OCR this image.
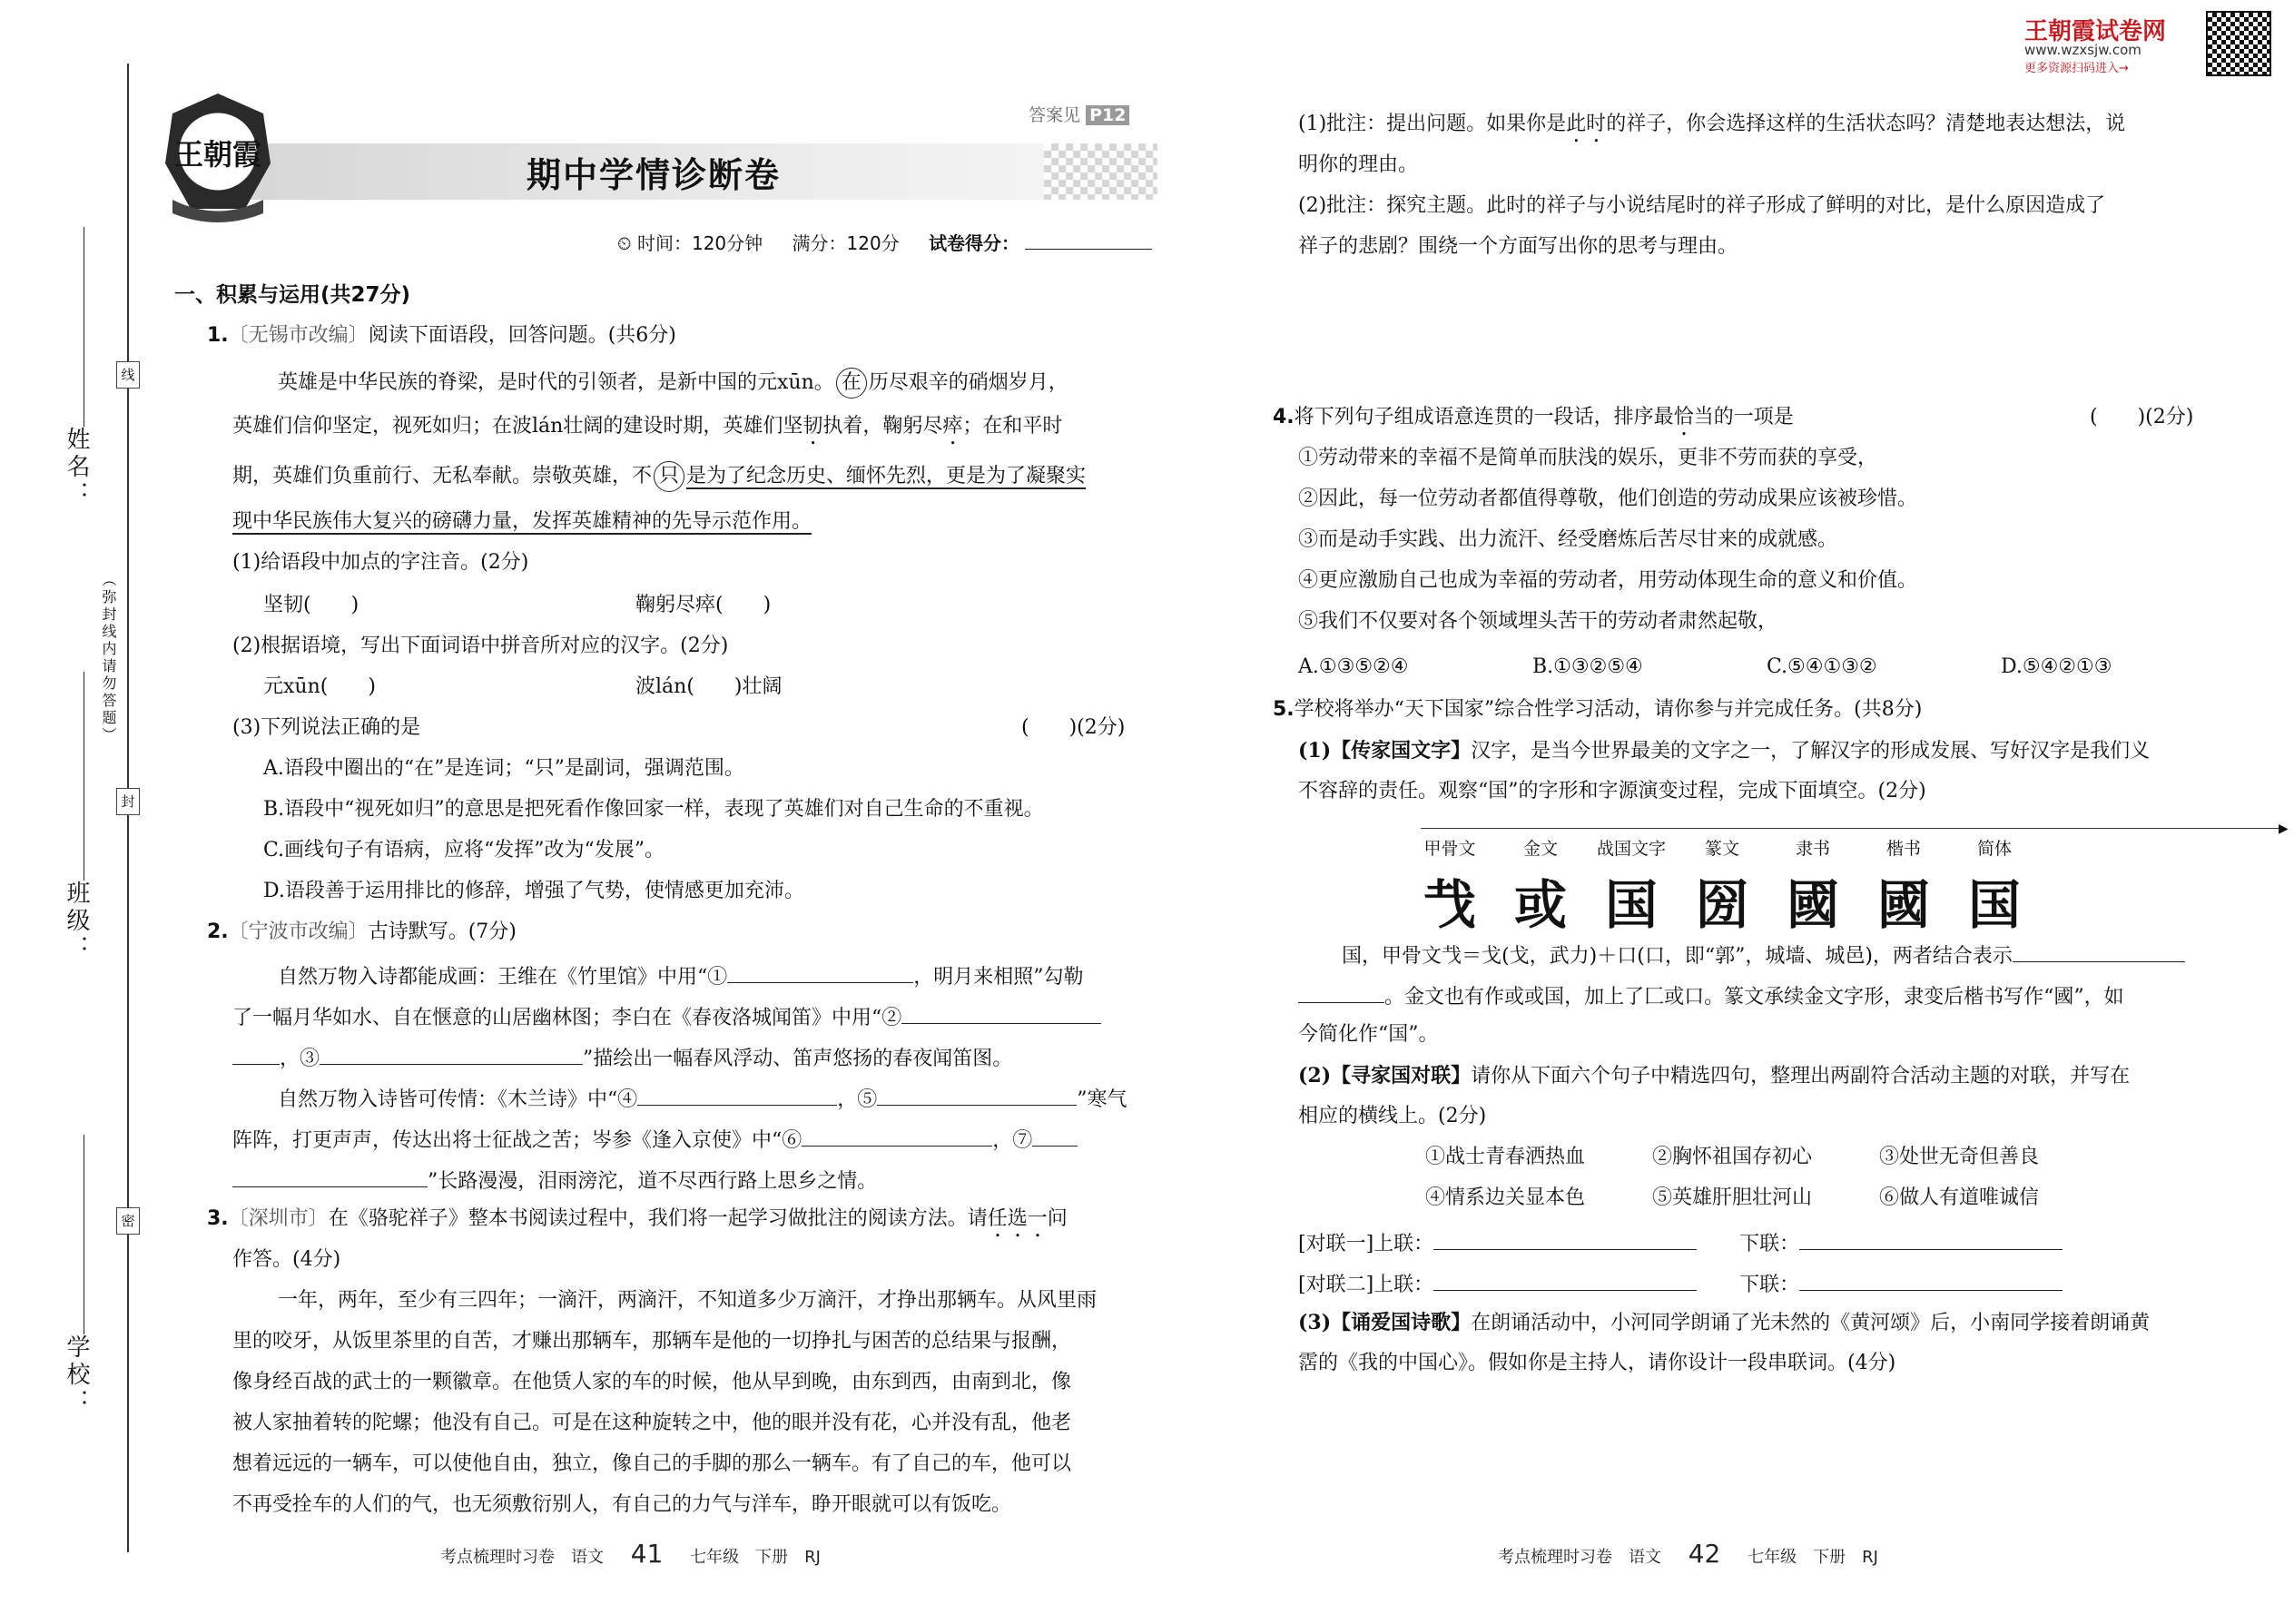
线
封
密
（弥封线内请勿答题）
姓名：
班级：
学校：
王朝霞
答案见 P12
期中学情诊断卷
⏲ 时间：120分钟 满分：120分 试卷得分：
一、积累与运用(共27分)
1.〔无锡市改编〕阅读下面语段，回答问题。(共6分)
英雄是中华民族的脊梁，是时代的引领者，是新中国的元xūn。 在 历尽艰辛的硝烟岁月，
英雄们信仰坚定，视死如归；在波lán壮阔的建设时期，英雄们坚韧执着，鞠躬尽瘁；在和平时
期，英雄们负重前行、无私奉献。崇敬英雄，不 只 是为了纪念历史、缅怀先烈，更是为了凝聚实
现中华民族伟大复兴的磅礴力量，发挥英雄精神的先导示范作用。
(1)给语段中加点的字注音。(2分)
坚韧(　　)	鞠躬尽瘁(　　)
(2)根据语境，写出下面词语中拼音所对应的汉字。(2分)
元xūn(　　)	波lán(　　)壮阔
(3)下列说法正确的是	(　　)(2分)
A.语段中圈出的“在”是连词；“只”是副词，强调范围。
B.语段中“视死如归”的意思是把死看作像回家一样，表现了英雄们对自己生命的不重视。
C.画线句子有语病，应将“发挥”改为“发展”。
D.语段善于运用排比的修辞，增强了气势，使情感更加充沛。
2.〔宁波市改编〕古诗默写。(7分)
自然万物入诗都能成画：王维在《竹里馆》中用“①	，明月来相照”勾勒
了一幅月华如水、自在惬意的山居幽林图；李白在《春夜洛城闻笛》中用“②
，③	”描绘出一幅春风浮动、笛声悠扬的春夜闻笛图。
自然万物入诗皆可传情：《木兰诗》中“④	，⑤	”寒气
阵阵，打更声声，传达出将士征战之苦；岑参《逢入京使》中“⑥	，⑦
”长路漫漫，泪雨滂沱，道不尽西行路上思乡之情。
3.〔深圳市〕在《骆驼祥子》整本书阅读过程中，我们将一起学习做批注的阅读方法。请任选一问
作答。(4分)
一年，两年，至少有三四年；一滴汗，两滴汗，不知道多少万滴汗，才挣出那辆车。从风里雨
里的咬牙，从饭里茶里的自苦，才赚出那辆车，那辆车是他的一切挣扎与困苦的总结果与报酬，
像身经百战的武士的一颗徽章。在他赁人家的车的时候，他从早到晚，由东到西，由南到北，像
被人家抽着转的陀螺；他没有自己。可是在这种旋转之中，他的眼并没有花，心并没有乱，他老
想着远远的一辆车，可以使他自由，独立，像自己的手脚的那么一辆车。有了自己的车，他可以
不再受拴车的人们的气，也无须敷衍别人，有自己的力气与洋车，睁开眼就可以有饭吃。
考点梳理时习卷　语文 41 七年级　下册　RJ
王朝霞试卷网
www.wzxsjw.com
更多资源扫码进入→
(1)批注：提出问题。如果你是此时的祥子，你会选择这样的生活状态吗？清楚地表达想法，说
明你的理由。
(2)批注：探究主题。此时的祥子与小说结尾时的祥子形成了鲜明的对比，是什么原因造成了
祥子的悲剧？围绕一个方面写出你的思考与理由。
4.将下列句子组成语意连贯的一段话，排序最恰当的一项是	(　　)(2分)
①劳动带来的幸福不是简单而肤浅的娱乐，更非不劳而获的享受，
②因此，每一位劳动者都值得尊敬，他们创造的劳动成果应该被珍惜。
③而是动手实践、出力流汗、经受磨炼后苦尽甘来的成就感。
④更应激励自己也成为幸福的劳动者，用劳动体现生命的意义和价值。
⑤我们不仅要对各个领域埋头苦干的劳动者肃然起敬，
A.①③⑤②④	B.①③②⑤④	C.⑤④①③②	D.⑤④②①③
5.学校将举办“天下国家”综合性学习活动，请你参与并完成任务。(共8分)
(1)【传家国文字】汉字，是当今世界最美的文字之一，了解汉字的形成发展、写好汉字是我们义
不容辞的责任。观察“国”的字形和字源演变过程，完成下面填空。(2分)
▶
甲骨文	金文	战国文字	篆文	隶书	楷书	简体
𢦏 或 国 圀 國 國 国
国，甲骨文𢦏＝戈(戈，武力)＋口(口，即“郭”，城墙、城邑)，两者结合表示
。金文也有作或或国，加上了匚或口。篆文承续金文字形，隶变后楷书写作“國”，如
今简化作“国”。
(2)【寻家国对联】请你从下面六个句子中精选四句，整理出两副符合活动主题的对联，并写在
相应的横线上。(2分)
①战士青春洒热血	②胸怀祖国存初心	③处世无奇但善良
④情系边关显本色	⑤英雄肝胆壮河山	⑥做人有道唯诚信
[对联一]上联：	下联：
[对联二]上联：	下联：
(3)【诵爱国诗歌】在朗诵活动中，小河同学朗诵了光未然的《黄河颂》后，小南同学接着朗诵黄
霑的《我的中国心》。假如你是主持人，请你设计一段串联词。(4分)
考点梳理时习卷　语文 42 七年级　下册　RJ
